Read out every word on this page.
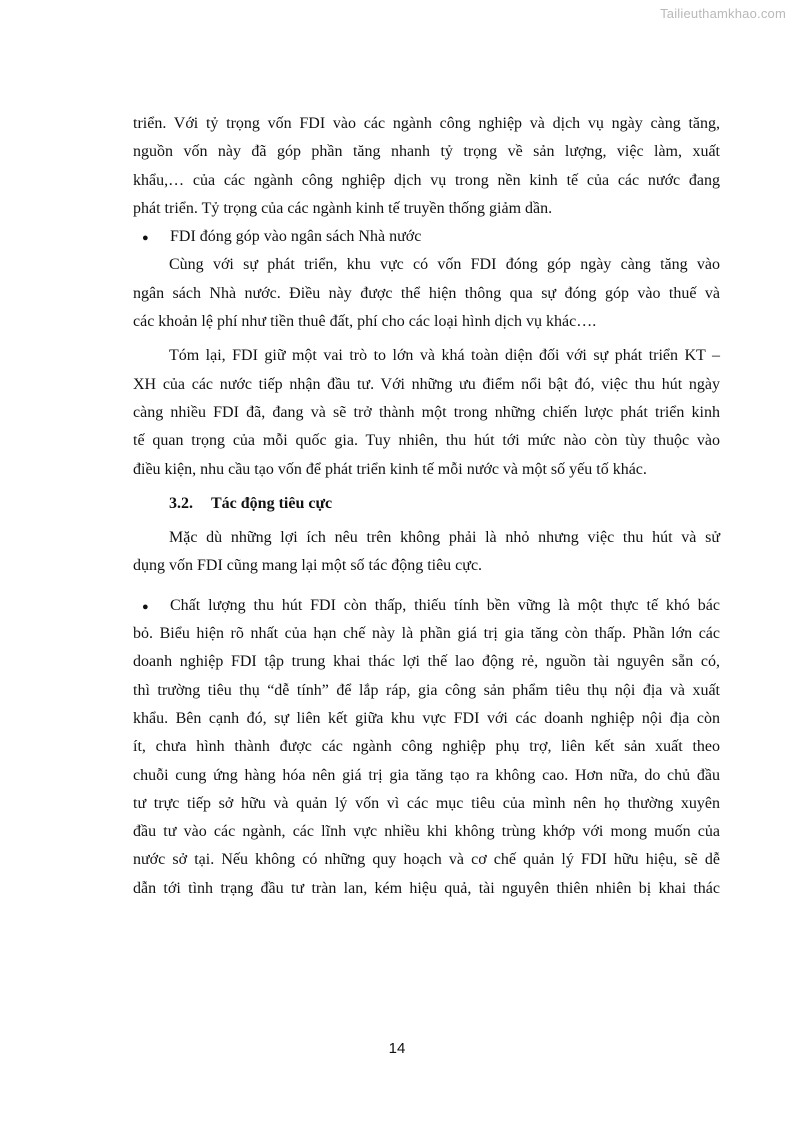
Tailieuthamkhao.com
triển. Với tỷ trọng vốn FDI vào các ngành công nghiệp và dịch vụ ngày càng tăng,
nguồn vốn này đã góp phần tăng nhanh tỷ trọng về sản lượng, việc làm, xuất
khẩu,… của các ngành công nghiệp dịch vụ trong nền kinh tế của các nước đang
phát triển. Tỷ trọng của các ngành kinh tế truyền thống giảm dần.
●	FDI đóng góp vào ngân sách Nhà nước
Cùng với sự phát triển, khu vực có vốn FDI đóng góp ngày càng tăng vào
ngân sách Nhà nước. Điều này được thể hiện thông qua sự đóng góp vào thuế và
các khoản lệ phí như tiền thuê đất, phí cho các loại hình dịch vụ khác….
Tóm lại, FDI giữ một vai trò to lớn và khá toàn diện đối với sự phát triển KT –
XH của các nước tiếp nhận đầu tư. Với những ưu điểm nổi bật đó, việc thu hút ngày
càng nhiều FDI đã, đang và sẽ trở thành một trong những chiến lược phát triển kinh
tế quan trọng của mỗi quốc gia. Tuy nhiên, thu hút tới mức nào còn tùy thuộc vào
điều kiện, nhu cầu tạo vốn để phát triển kinh tế mỗi nước và một số yếu tố khác.
3.2.	Tác động tiêu cực
Mặc dù những lợi ích nêu trên không phải là nhỏ nhưng việc thu hút và sử
dụng vốn FDI cũng mang lại một số tác động tiêu cực.
●	Chất lượng thu hút FDI còn thấp, thiếu tính bền vững là một thực tế khó bác
bỏ. Biểu hiện rõ nhất của hạn chế này là phần giá trị gia tăng còn thấp. Phần lớn các
doanh nghiệp FDI tập trung khai thác lợi thế lao động rẻ, nguồn tài nguyên sẵn có,
thì trường tiêu thụ “dễ tính” để lắp ráp, gia công sản phẩm tiêu thụ nội địa và xuất
khẩu. Bên cạnh đó, sự liên kết giữa khu vực FDI với các doanh nghiệp nội địa còn
ít, chưa hình thành được các ngành công nghiệp phụ trợ, liên kết sản xuất theo
chuỗi cung ứng hàng hóa nên giá trị gia tăng tạo ra không cao. Hơn nữa, do chủ đầu
tư trực tiếp sở hữu và quản lý vốn vì các mục tiêu của mình nên họ thường xuyên
đầu tư vào các ngành, các lĩnh vực nhiều khi không trùng khớp với mong muốn của
nước sở tại. Nếu không có những quy hoạch và cơ chế quản lý FDI hữu hiệu, sẽ dễ
dẫn tới tình trạng đầu tư tràn lan, kém hiệu quả, tài nguyên thiên nhiên bị khai thác
14
